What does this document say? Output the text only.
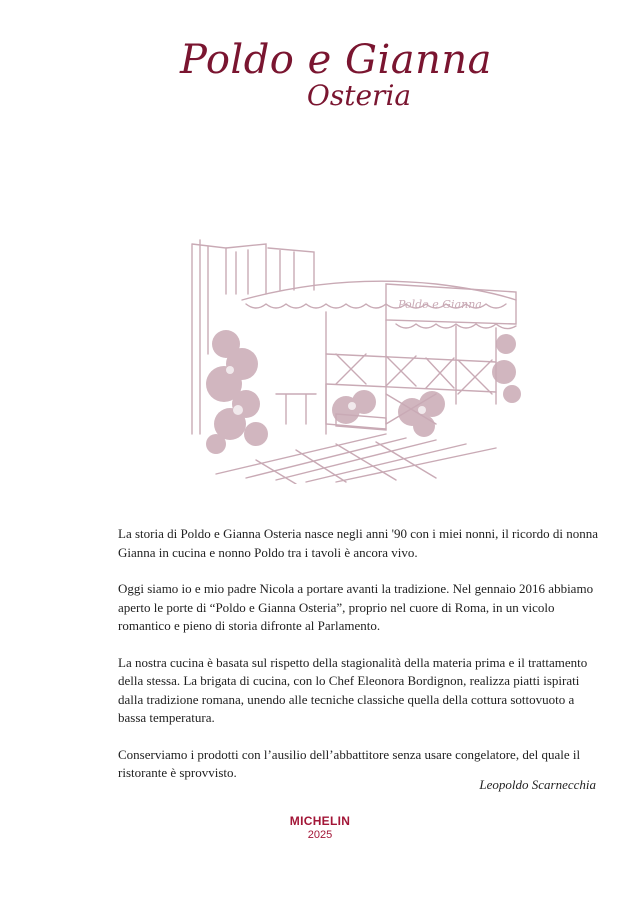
Poldo e Gianna
Osteria
Poldo e Gianna

La storia di Poldo e Gianna Osteria nasce negli anni '90 con i miei nonni, il ricordo di nonna Gianna in cucina e nonno Poldo tra i tavoli è ancora vivo.

Oggi siamo io e mio padre Nicola a portare avanti la tradizione. Nel gennaio 2016 abbiamo aperto le porte di “Poldo e Gianna Osteria”, proprio nel cuore di Roma, in un vicolo romantico e pieno di storia difronte al Parlamento.

La nostra cucina è basata sul rispetto della stagionalità della materia prima e il trattamento della stessa. La brigata di cucina, con lo Chef Eleonora Bordignon, realizza piatti ispirati dalla tradizione romana, unendo alle tecniche classiche quella della cottura sottovuoto a bassa temperatura.

Conserviamo i prodotti con l’ausilio dell’abbattitore senza usare congelatore, del quale il ristorante è sprovvisto.

Leopoldo Scarnecchia
MICHELIN
2025
